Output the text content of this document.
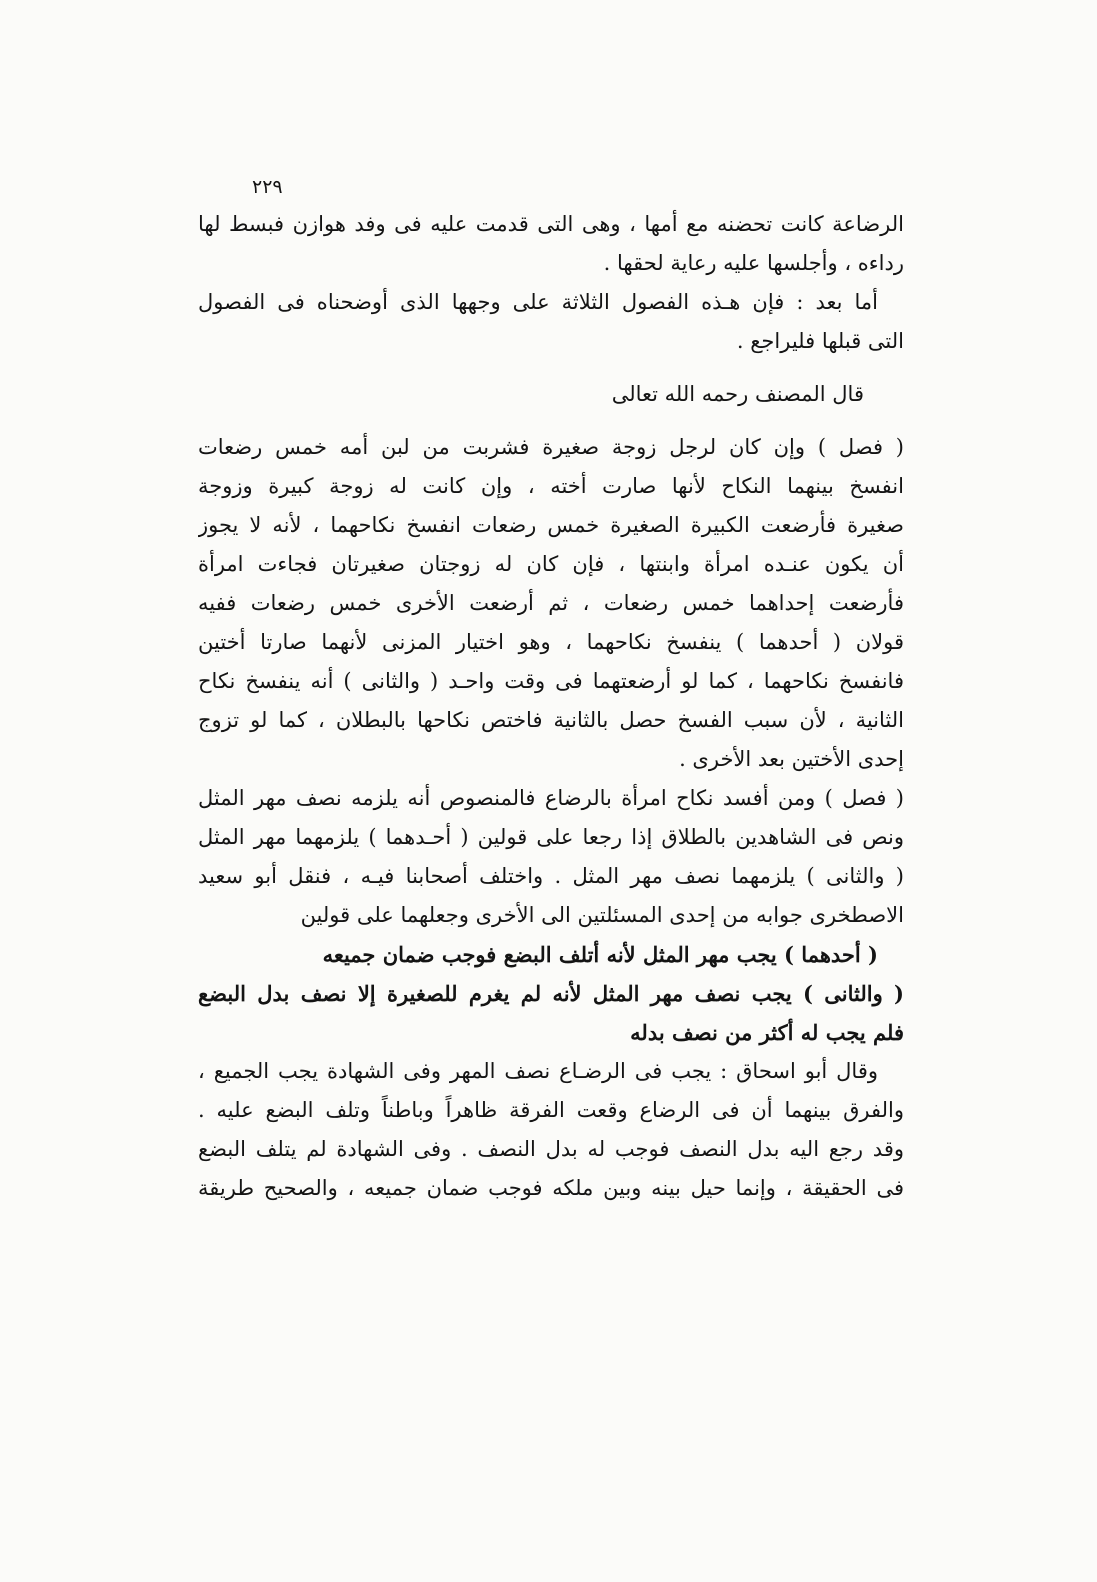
٢٢٩
الرضاعة كانت تحضنه مع أمها ، وهى التى قدمت عليه فى وفد هوازن فبسط لها
رداءه ، وأجلسها عليه رعاية لحقها .
أما بعد : فإن هـذه الفصول الثلاثة على وجهها الذى أوضحناه فى الفصول
التى قبلها فليراجع .
قال المصنف رحمه الله تعالى
( فصل ) وإن كان لرجل زوجة صغيرة فشربت من لبن أمه خمس رضعات
انفسخ بينهما النكاح لأنها صارت أخته ، وإن كانت له زوجة كبيرة وزوجة
صغيرة فأرضعت الكبيرة الصغيرة خمس رضعات انفسخ نكاحهما ، لأنه لا يجوز
أن يكون عنـده امرأة وابنتها ، فإن كان له زوجتان صغيرتان فجاءت امرأة
فأرضعت إحداهما خمس رضعات ، ثم أرضعت الأخرى خمس رضعات ففيه
قولان ( أحدهما ) ينفسخ نكاحهما ، وهو اختيار المزنى لأنهما صارتا أختين
فانفسخ نكاحهما ، كما لو أرضعتهما فى وقت واحـد ( والثانى ) أنه ينفسخ نكاح
الثانية ، لأن سبب الفسخ حصل بالثانية فاختص نكاحها بالبطلان ، كما لو تزوج
إحدى الأختين بعد الأخرى .
( فصل ) ومن أفسد نكاح امرأة بالرضاع فالمنصوص أنه يلزمه نصف مهر المثل
ونص فى الشاهدين بالطلاق إذا رجعا على قولين ( أحـدهما ) يلزمهما مهر المثل
( والثانى ) يلزمهما نصف مهر المثل . واختلف أصحابنا فيـه ، فنقل أبو سعيد
الاصطخرى جوابه من إحدى المسئلتين الى الأخرى وجعلهما على قولين
( أحدهما ) يجب مهر المثل لأنه أتلف البضع فوجب ضمان جميعه
( والثانى ) يجب نصف مهر المثل لأنه لم يغرم للصغيرة إلا نصف بدل البضع
فلم يجب له أكثر من نصف بدله
وقال أبو اسحاق : يجب فى الرضـاع نصف المهر وفى الشهادة يجب الجميع ،
والفرق بينهما أن فى الرضاع وقعت الفرقة ظاهراً وباطناً وتلف البضع عليه .
وقد رجع اليه بدل النصف فوجب له بدل النصف . وفى الشهادة لم يتلف البضع
فى الحقيقة ، وإنما حيل بينه وبين ملكه فوجب ضمان جميعه ، والصحيح طريقة
